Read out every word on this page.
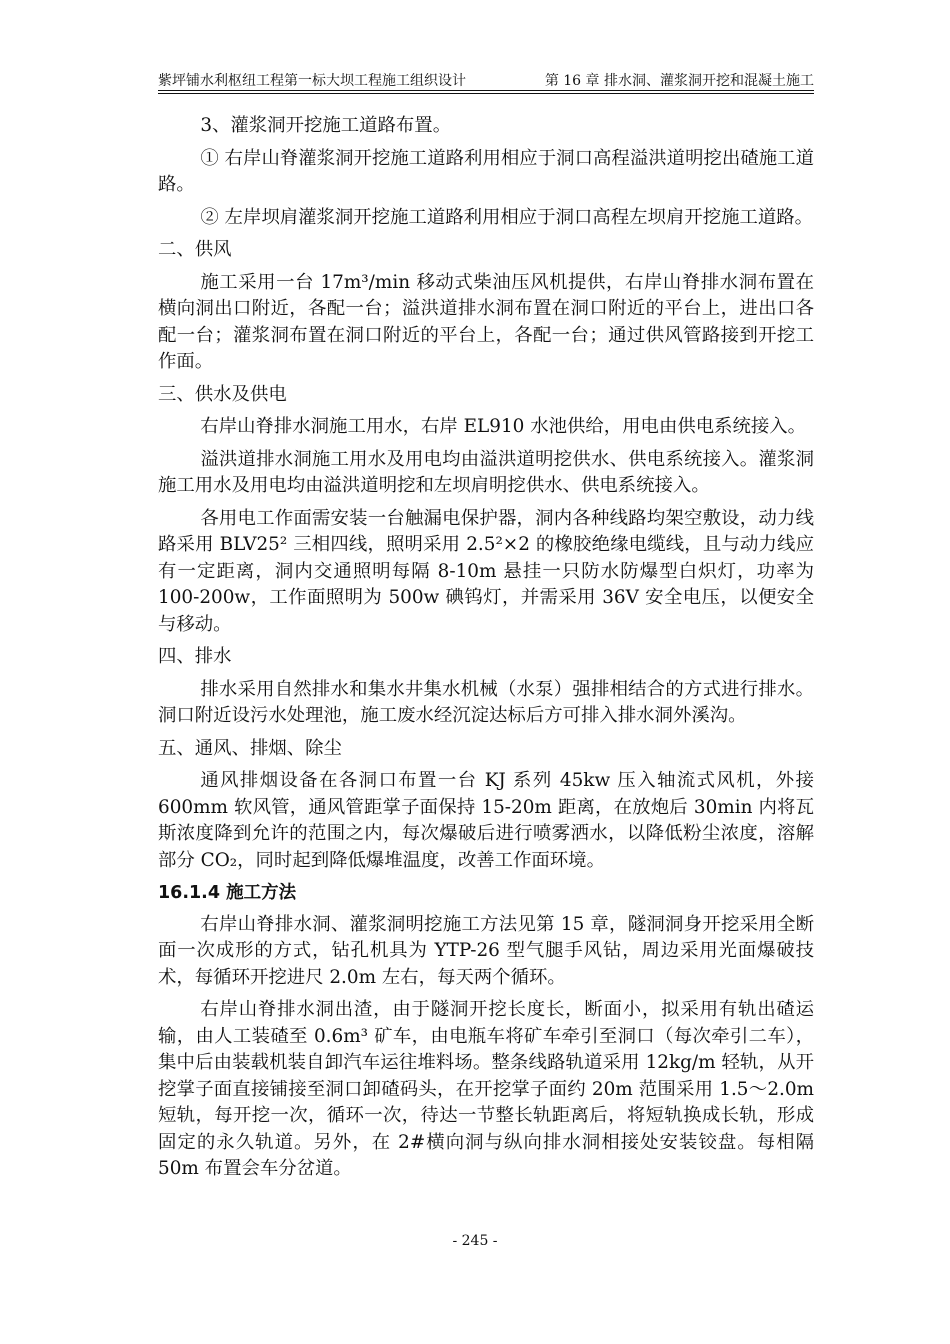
紫坪铺水利枢纽工程第一标大坝工程施工组织设计	第 16 章 排水洞、灌浆洞开挖和混凝土施工

3、灌浆洞开挖施工道路布置。

① 右岸山脊灌浆洞开挖施工道路利用相应于洞口高程溢洪道明挖出碴施工道路。

② 左岸坝肩灌浆洞开挖施工道路利用相应于洞口高程左坝肩开挖施工道路。

二、供风

施工采用一台 17m³/min 移动式柴油压风机提供，右岸山脊排水洞布置在横向洞出口附近，各配一台；溢洪道排水洞布置在洞口附近的平台上，进出口各配一台；灌浆洞布置在洞口附近的平台上，各配一台；通过供风管路接到开挖工作面。

三、供水及供电

右岸山脊排水洞施工用水，右岸 EL910 水池供给，用电由供电系统接入。

溢洪道排水洞施工用水及用电均由溢洪道明挖供水、供电系统接入。灌浆洞施工用水及用电均由溢洪道明挖和左坝肩明挖供水、供电系统接入。

各用电工作面需安装一台触漏电保护器，洞内各种线路均架空敷设，动力线路采用 BLV25² 三相四线，照明采用 2.5²×2 的橡胶绝缘电缆线，且与动力线应有一定距离，洞内交通照明每隔 8-10m 悬挂一只防水防爆型白炽灯，功率为 100-200w，工作面照明为 500w 碘钨灯，并需采用 36V 安全电压，以便安全与移动。

四、排水

排水采用自然排水和集水井集水机械（水泵）强排相结合的方式进行排水。洞口附近设污水处理池，施工废水经沉淀达标后方可排入排水洞外溪沟。

五、通风、排烟、除尘

通风排烟设备在各洞口布置一台 KJ 系列 45kw 压入轴流式风机，外接 600mm 软风管，通风管距掌子面保持 15-20m 距离，在放炮后 30min 内将瓦斯浓度降到允许的范围之内，每次爆破后进行喷雾洒水，以降低粉尘浓度，溶解部分 CO₂，同时起到降低爆堆温度，改善工作面环境。

16.1.4 施工方法

右岸山脊排水洞、灌浆洞明挖施工方法见第 15 章，隧洞洞身开挖采用全断面一次成形的方式，钻孔机具为 YTP-26 型气腿手风钻，周边采用光面爆破技术，每循环开挖进尺 2.0m 左右，每天两个循环。

右岸山脊排水洞出渣，由于隧洞开挖长度长，断面小，拟采用有轨出碴运输，由人工装碴至 0.6m³ 矿车，由电瓶车将矿车牵引至洞口（每次牵引二车），集中后由装载机装自卸汽车运往堆料场。整条线路轨道采用 12kg/m 轻轨，从开挖掌子面直接铺接至洞口卸碴码头，在开挖掌子面约 20m 范围采用 1.5～2.0m 短轨，每开挖一次，循环一次，待达一节整长轨距离后，将短轨换成长轨，形成固定的永久轨道。另外，在 2#横向洞与纵向排水洞相接处安装铰盘。每相隔 50m 布置会车分岔道。

- 245 -
